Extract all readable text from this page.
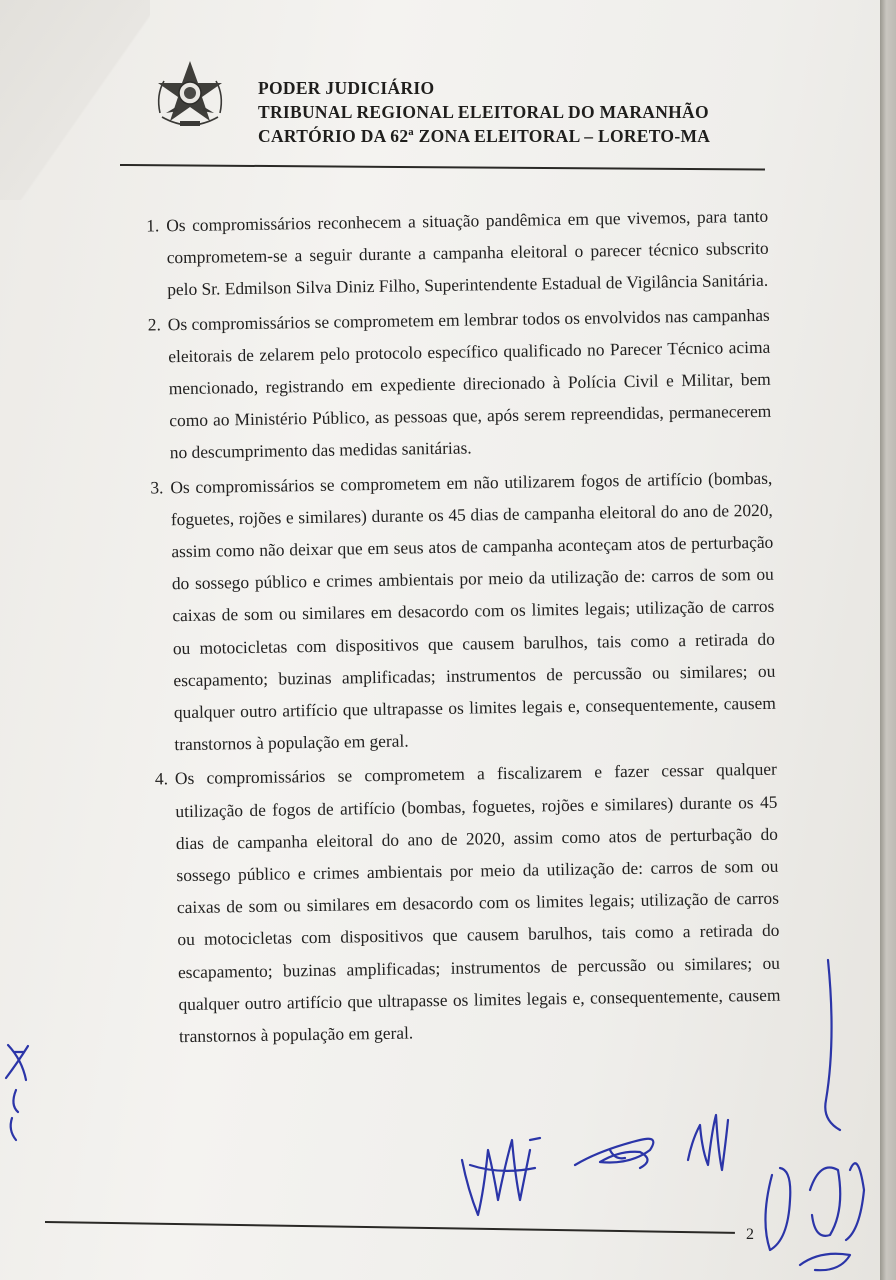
PODER JUDICIÁRIO
TRIBUNAL REGIONAL ELEITORAL DO MARANHÃO
CARTÓRIO DA 62ª ZONA ELEITORAL – LORETO-MA
1. Os compromissários reconhecem a situação pandêmica em que vivemos, para tanto comprometem-se a seguir durante a campanha eleitoral o parecer técnico subscrito pelo Sr. Edmilson Silva Diniz Filho, Superintendente Estadual de Vigilância Sanitária.

2. Os compromissários se comprometem em lembrar todos os envolvidos nas campanhas eleitorais de zelarem pelo protocolo específico qualificado no Parecer Técnico acima mencionado, registrando em expediente direcionado à Polícia Civil e Militar, bem como ao Ministério Público, as pessoas que, após serem repreendidas, permanecerem no descumprimento das medidas sanitárias.

3. Os compromissários se comprometem em não utilizarem fogos de artifício (bombas, foguetes, rojões e similares) durante os 45 dias de campanha eleitoral do ano de 2020, assim como não deixar que em seus atos de campanha aconteçam atos de perturbação do sossego público e crimes ambientais por meio da utilização de: carros de som ou caixas de som ou similares em desacordo com os limites legais; utilização de carros ou motocicletas com dispositivos que causem barulhos, tais como a retirada do escapamento; buzinas amplificadas; instrumentos de percussão ou similares; ou qualquer outro artifício que ultrapasse os limites legais e, consequentemente, causem transtornos à população em geral.

4. Os compromissários se comprometem a fiscalizarem e fazer cessar qualquer utilização de fogos de artifício (bombas, foguetes, rojões e similares) durante os 45 dias de campanha eleitoral do ano de 2020, assim como atos de perturbação do sossego público e crimes ambientais por meio da utilização de: carros de som ou caixas de som ou similares em desacordo com os limites legais; utilização de carros ou motocicletas com dispositivos que causem barulhos, tais como a retirada do escapamento; buzinas amplificadas; instrumentos de percussão ou similares; ou qualquer outro artifício que ultrapasse os limites legais e, consequentemente, causem transtornos à população em geral.

2
